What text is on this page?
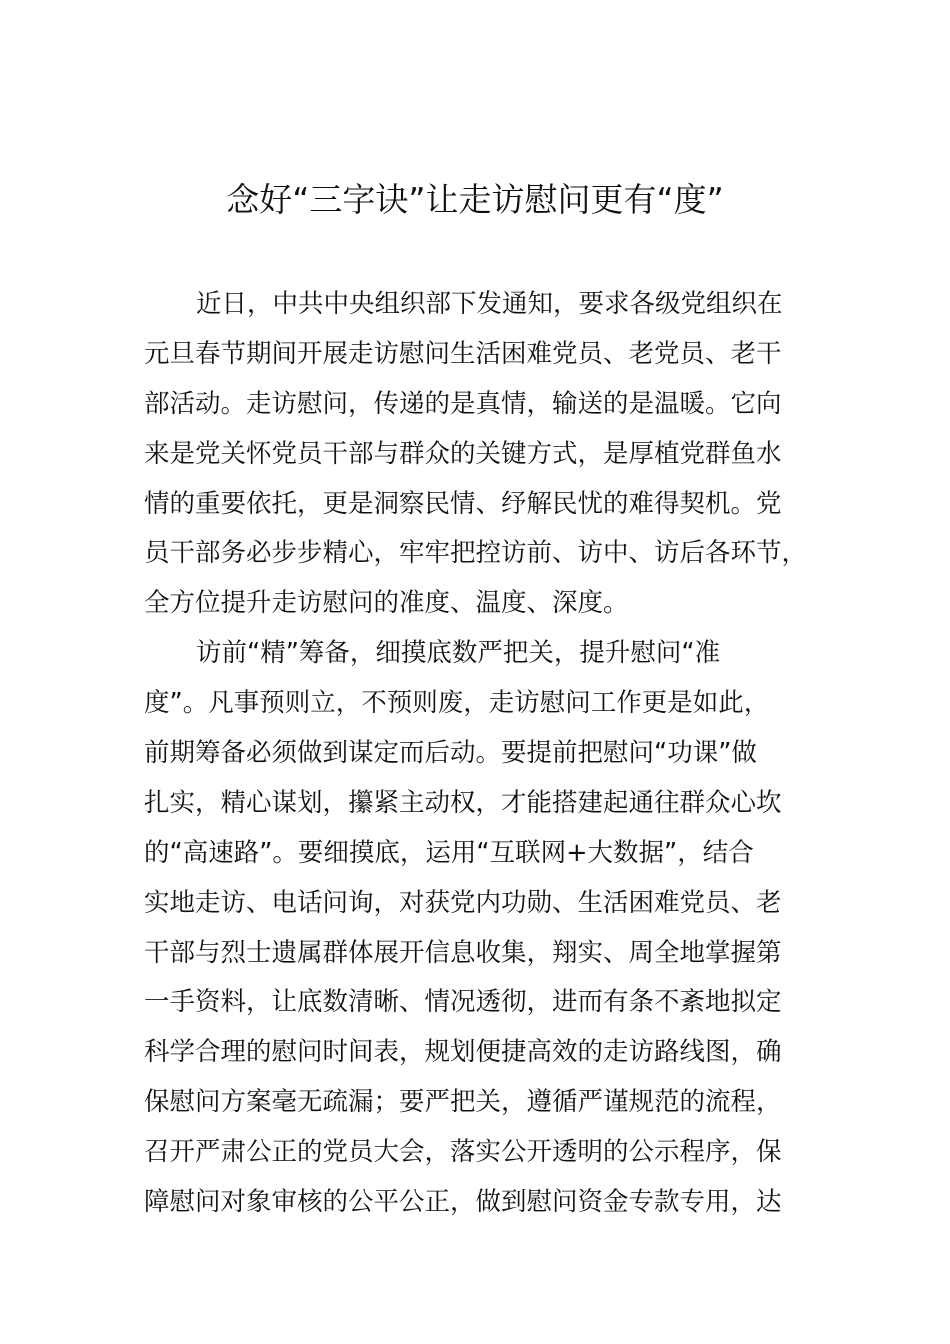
念好“三字诀”让走访慰问更有“度”
近日，中共中央组织部下发通知，要求各级党组织在
元旦春节期间开展走访慰问生活困难党员、老党员、老干
部活动。走访慰问，传递的是真情，输送的是温暖。它向
来是党关怀党员干部与群众的关键方式，是厚植党群鱼水
情的重要依托，更是洞察民情、纾解民忧的难得契机。党
员干部务必步步精心，牢牢把控访前、访中、访后各环节，
全方位提升走访慰问的准度、温度、深度。
访前“精”筹备，细摸底数严把关，提升慰问“准
度”。凡事预则立，不预则废，走访慰问工作更是如此，
前期筹备必须做到谋定而后动。要提前把慰问“功课”做
扎实，精心谋划，攥紧主动权，才能搭建起通往群众心坎
的“高速路”。要细摸底，运用“互联网+大数据”，结合
实地走访、电话问询，对获党内功勋、生活困难党员、老
干部与烈士遗属群体展开信息收集，翔实、周全地掌握第
一手资料，让底数清晰、情况透彻，进而有条不紊地拟定
科学合理的慰问时间表，规划便捷高效的走访路线图，确
保慰问方案毫无疏漏；要严把关，遵循严谨规范的流程，
召开严肃公正的党员大会，落实公开透明的公示程序，保
障慰问对象审核的公平公正，做到慰问资金专款专用，达
